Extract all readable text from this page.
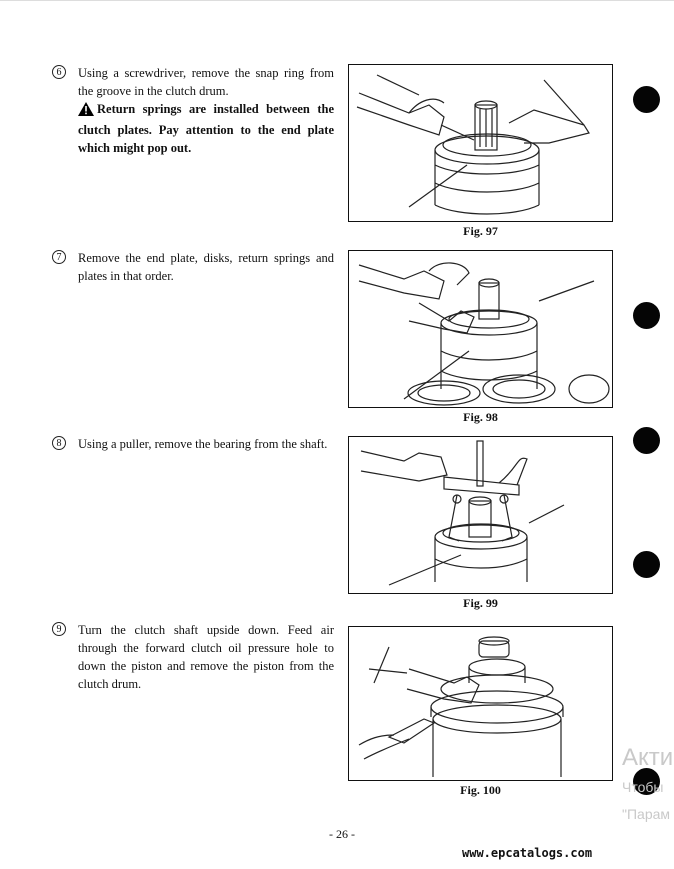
6	Using a screwdriver, remove the snap ring from the groove in the clutch drum.
Return springs are installed between the clutch plates. Pay attention to the end plate which might pop out.
7	Remove the end plate, disks, return springs and plates in that order.
8	Using a puller, remove the bearing from the shaft.
9	Turn the clutch shaft upside down. Feed air through the forward clutch oil pressure hole to down the piston and remove the piston from the clutch drum.
Fig. 97
Fig. 98
Fig. 99
Fig. 100
Акти
Чтобы
"Парам
- 26 -
www.epcatalogs.com
